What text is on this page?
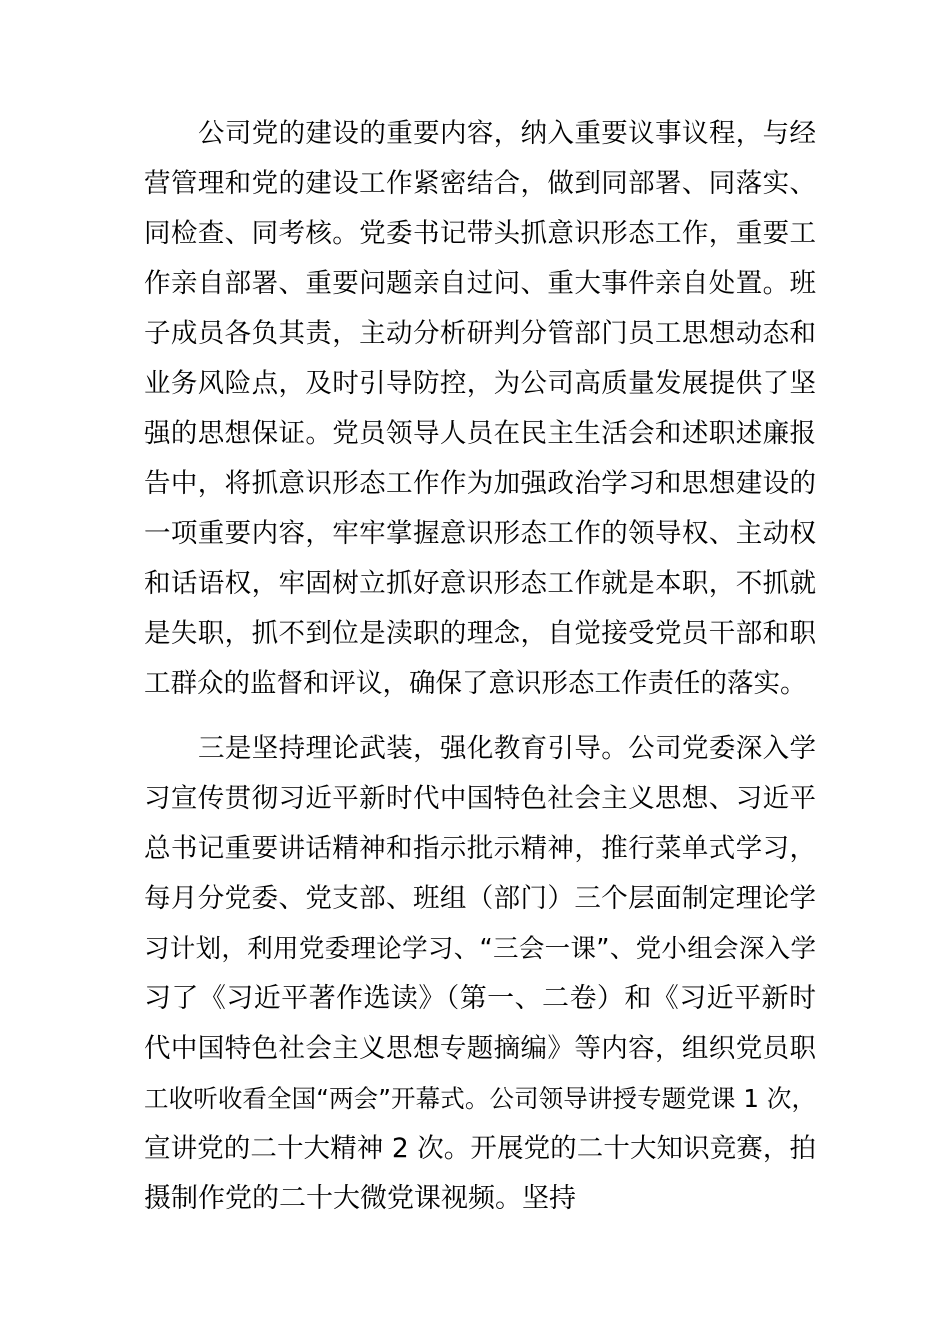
公司党的建设的重要内容，纳入重要议事议程，与经
营管理和党的建设工作紧密结合，做到同部署、同落实、
同检查、同考核。党委书记带头抓意识形态工作，重要工
作亲自部署、重要问题亲自过问、重大事件亲自处置。班
子成员各负其责，主动分析研判分管部门员工思想动态和
业务风险点，及时引导防控，为公司高质量发展提供了坚
强的思想保证。党员领导人员在民主生活会和述职述廉报
告中，将抓意识形态工作作为加强政治学习和思想建设的
一项重要内容，牢牢掌握意识形态工作的领导权、主动权
和话语权，牢固树立抓好意识形态工作就是本职，不抓就
是失职，抓不到位是渎职的理念，自觉接受党员干部和职
工群众的监督和评议，确保了意识形态工作责任的落实。
三是坚持理论武装，强化教育引导。公司党委深入学
习宣传贯彻习近平新时代中国特色社会主义思想、习近平
总书记重要讲话精神和指示批示精神，推行菜单式学习，
每月分党委、党支部、班组（部门）三个层面制定理论学
习计划，利用党委理论学习、“三会一课”、党小组会深入学
习了《习近平著作选读》（第一、二卷）和《习近平新时
代中国特色社会主义思想专题摘编》等内容，组织党员职
工收听收看全国“两会”开幕式。公司领导讲授专题党课 1 次，
宣讲党的二十大精神 2 次。开展党的二十大知识竞赛，拍
摄制作党的二十大微党课视频。坚持
